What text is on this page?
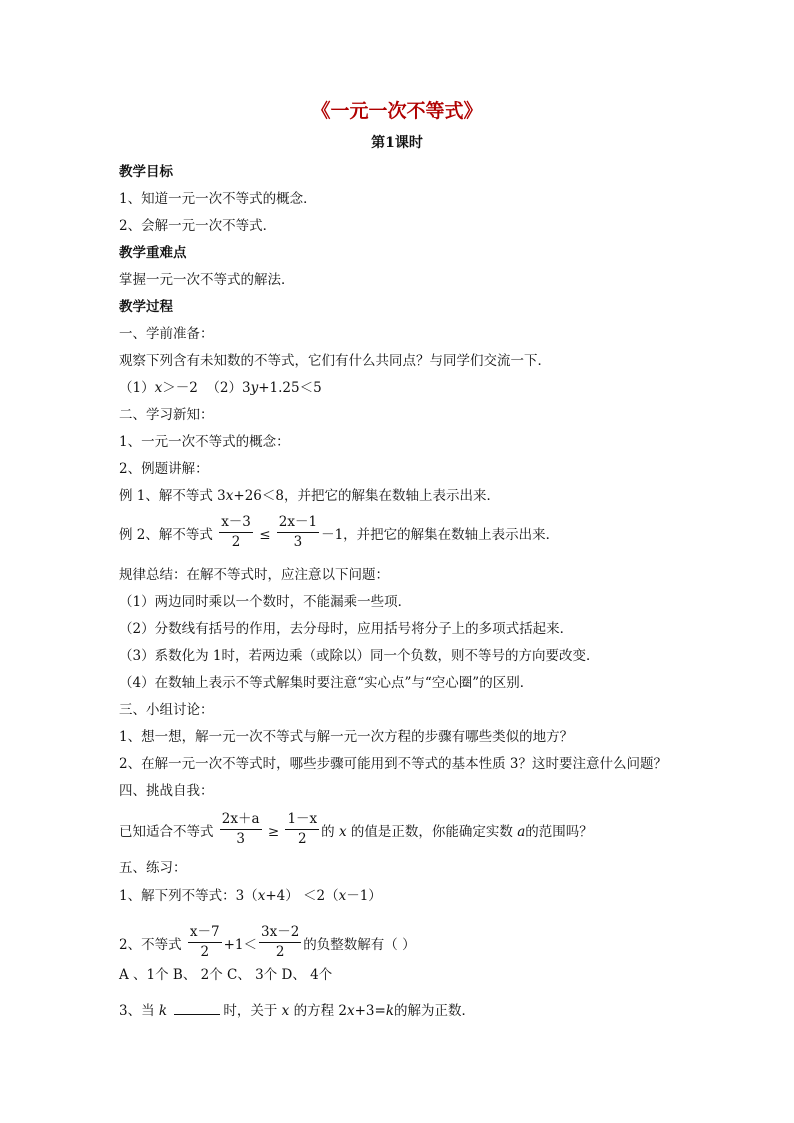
《一元一次不等式》
第1课时
教学目标
1、知道一元一次不等式的概念．
2、会解一元一次不等式．
教学重难点
掌握一元一次不等式的解法．
教学过程
一、学前准备：
观察下列含有未知数的不等式，它们有什么共同点？与同学们交流一下．
（1）x＞－2 （2）3y+1.25＜5
二、学习新知：
1、一元一次不等式的概念：
2、例题讲解：
例 1、解不等式 3x+26＜8，并把它的解集在数轴上表示出来．
例 2、解不等式 $\frac{x-3}{2} \le \frac{2x-1}{3} -1$，并把它的解集在数轴上表示出来．
规律总结：在解不等式时，应注意以下问题：
（1）两边同时乘以一个数时，不能漏乘一些项．
（2）分数线有括号的作用，去分母时，应用括号将分子上的多项式括起来．
（3）系数化为 1时，若两边乘（或除以）同一个负数，则不等号的方向要改变．
（4）在数轴上表示不等式解集时要注意“实心点”与“空心圈”的区别．
三、小组讨论：
1、想一想，解一元一次不等式与解一元一次方程的步骤有哪些类似的地方？
2、在解一元一次不等式时，哪些步骤可能用到不等式的基本性质 3？这时要注意什么问题？
四、挑战自我：
已知适合不等式 $\frac{2x+a}{3} \ge \frac{1-x}{2}$ 的 x 的值是正数，你能确定实数 a的范围吗？
五、练习：
1、解下列不等式：3（x+4） ＜2（x－1）
2、不等式 $\frac{x-7}{2} +1< \frac{3x-2}{2}$ 的负整数解有（ ）
A 、1个 B、 2个 C、 3个 D、 4个
3、当 k	时，关于 x 的方程 2x+3=k的解为正数．
